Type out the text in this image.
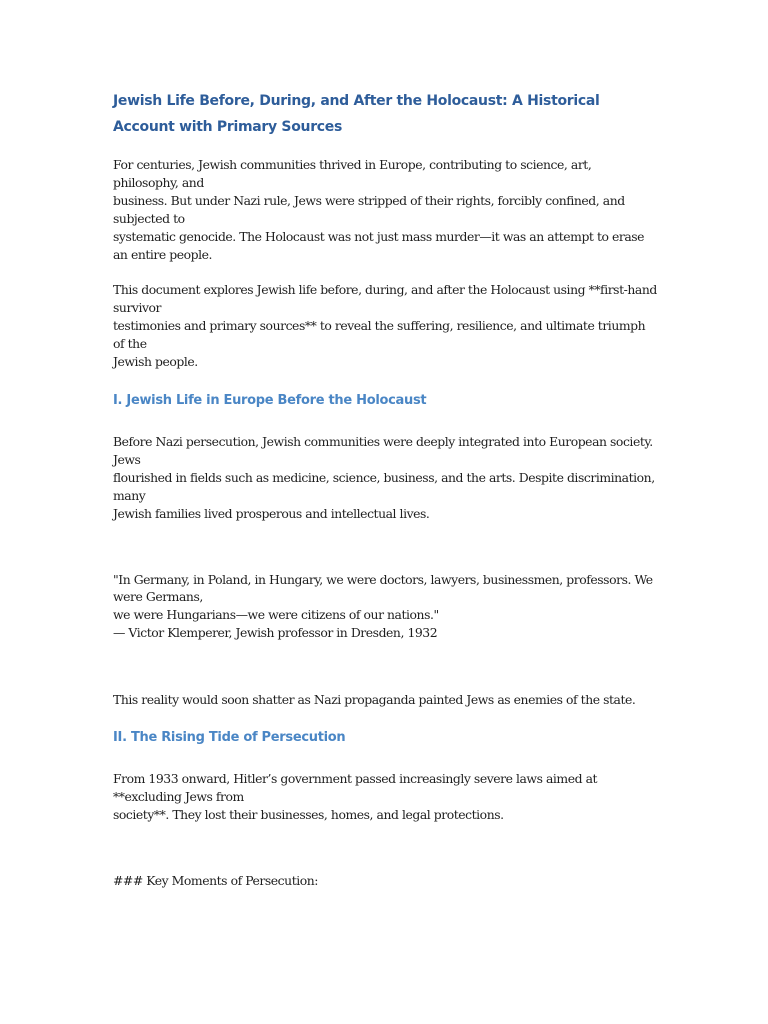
Jewish Life Before, During, and After the Holocaust: A Historical Account with Primary Sources
For centuries, Jewish communities thrived in Europe, contributing to science, art,
philosophy, and
business. But under Nazi rule, Jews were stripped of their rights, forcibly confined, and
subjected to
systematic genocide. The Holocaust was not just mass murder—it was an attempt to erase
an entire people.
This document explores Jewish life before, during, and after the Holocaust using **first-hand
survivor
testimonies and primary sources** to reveal the suffering, resilience, and ultimate triumph
of the
Jewish people.
I. Jewish Life in Europe Before the Holocaust
Before Nazi persecution, Jewish communities were deeply integrated into European society.
Jews
flourished in fields such as medicine, science, business, and the arts. Despite discrimination,
many
Jewish families lived prosperous and intellectual lives.
"In Germany, in Poland, in Hungary, we were doctors, lawyers, businessmen, professors. We
were Germans,
we were Hungarians—we were citizens of our nations."
— Victor Klemperer, Jewish professor in Dresden, 1932
This reality would soon shatter as Nazi propaganda painted Jews as enemies of the state.
II. The Rising Tide of Persecution
From 1933 onward, Hitler’s government passed increasingly severe laws aimed at
**excluding Jews from
society**. They lost their businesses, homes, and legal protections.
### Key Moments of Persecution:
